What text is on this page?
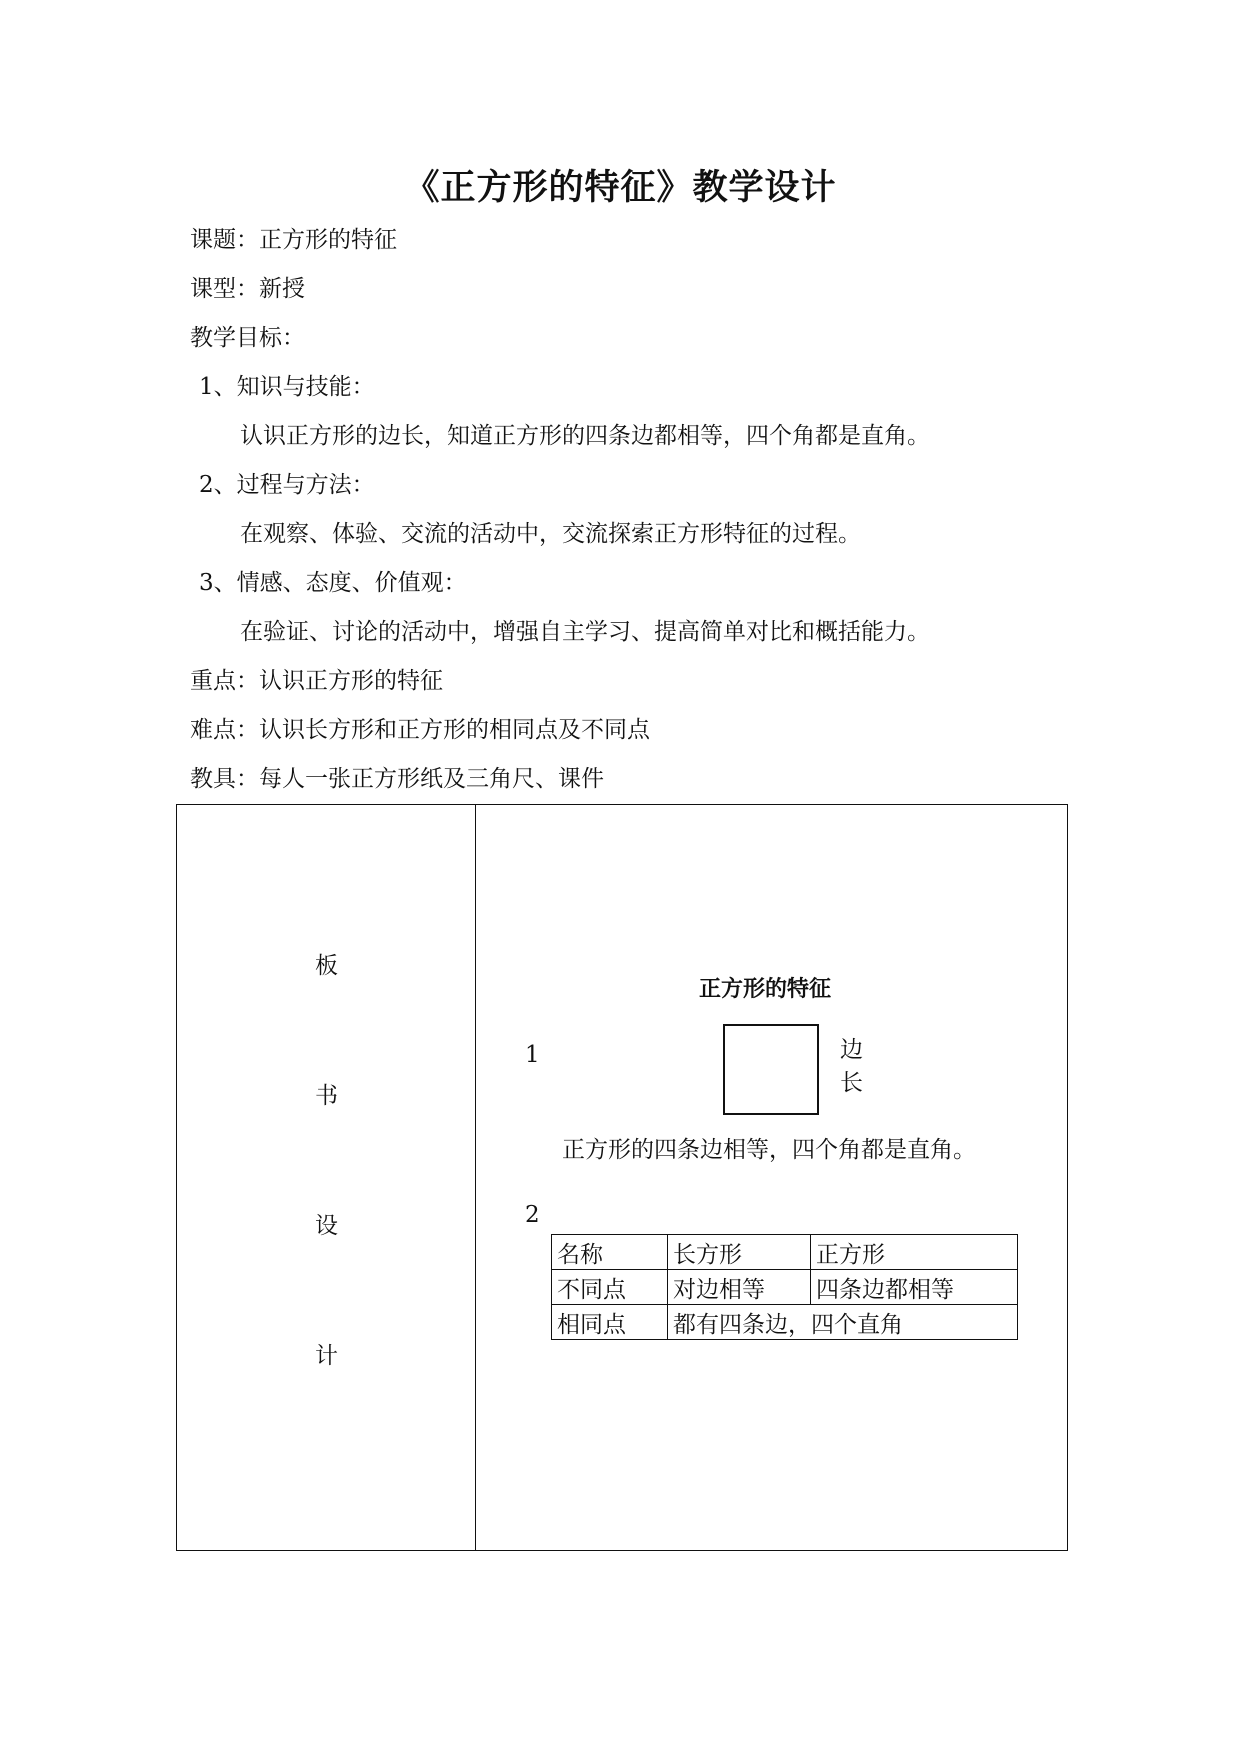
《正方形的特征》教学设计
课题：正方形的特征
课型：新授
教学目标：
1、知识与技能：
认识正方形的边长，知道正方形的四条边都相等，四个角都是直角。
2、过程与方法：
在观察、体验、交流的活动中，交流探索正方形特征的过程。
3、情感、态度、价值观：
在验证、讨论的活动中，增强自主学习、提高简单对比和概括能力。
重点：认识正方形的特征
难点：认识长方形和正方形的相同点及不同点
教具：每人一张正方形纸及三角尺、课件
板
书
设
计
正方形的特征
1	边
长
正方形的四条边相等，四个角都是直角。
2
名称	长方形	正方形
不同点	对边相等	四条边都相等
相同点	都有四条边，四个直角	
